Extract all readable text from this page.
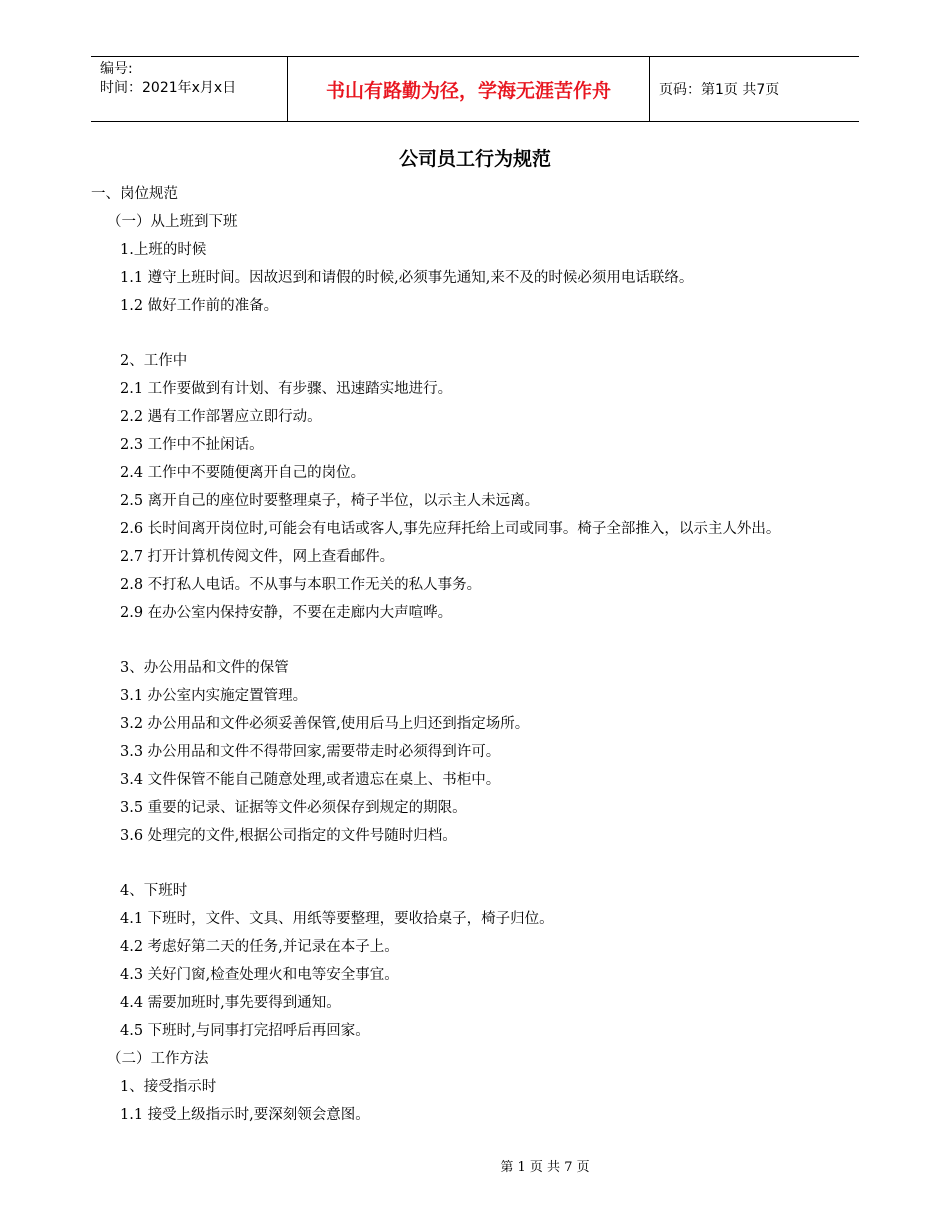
编号:
时间：2021年x月x日	书山有路勤为径，学海无涯苦作舟	页码：第1页 共7页
公司员工行为规范
一、岗位规范
（一）从上班到下班
1.上班的时候
1.1 遵守上班时间。因故迟到和请假的时候,必须事先通知,来不及的时候必须用电话联络。
1.2 做好工作前的准备。
2、工作中
2.1 工作要做到有计划、有步骤、迅速踏实地进行。
2.2 遇有工作部署应立即行动。
2.3 工作中不扯闲话。
2.4 工作中不要随便离开自己的岗位。
2.5 离开自己的座位时要整理桌子，椅子半位，以示主人未远离。
2.6 长时间离开岗位时,可能会有电话或客人,事先应拜托给上司或同事。椅子全部推入，以示主人外出。
2.7 打开计算机传阅文件，网上查看邮件。
2.8 不打私人电话。不从事与本职工作无关的私人事务。
2.9 在办公室内保持安静，不要在走廊内大声喧哗。
3、办公用品和文件的保管
3.1 办公室内实施定置管理。
3.2 办公用品和文件必须妥善保管,使用后马上归还到指定场所。
3.3 办公用品和文件不得带回家,需要带走时必须得到许可。
3.4 文件保管不能自己随意处理,或者遗忘在桌上、书柜中。
3.5 重要的记录、证据等文件必须保存到规定的期限。
3.6 处理完的文件,根据公司指定的文件号随时归档。
4、下班时
4.1 下班时，文件、文具、用纸等要整理，要收拾桌子，椅子归位。
4.2 考虑好第二天的任务,并记录在本子上。
4.3 关好门窗,检查处理火和电等安全事宜。
4.4 需要加班时,事先要得到通知。
4.5 下班时,与同事打完招呼后再回家。
（二）工作方法
1、接受指示时
1.1 接受上级指示时,要深刻领会意图。
第 1 页 共 7 页
